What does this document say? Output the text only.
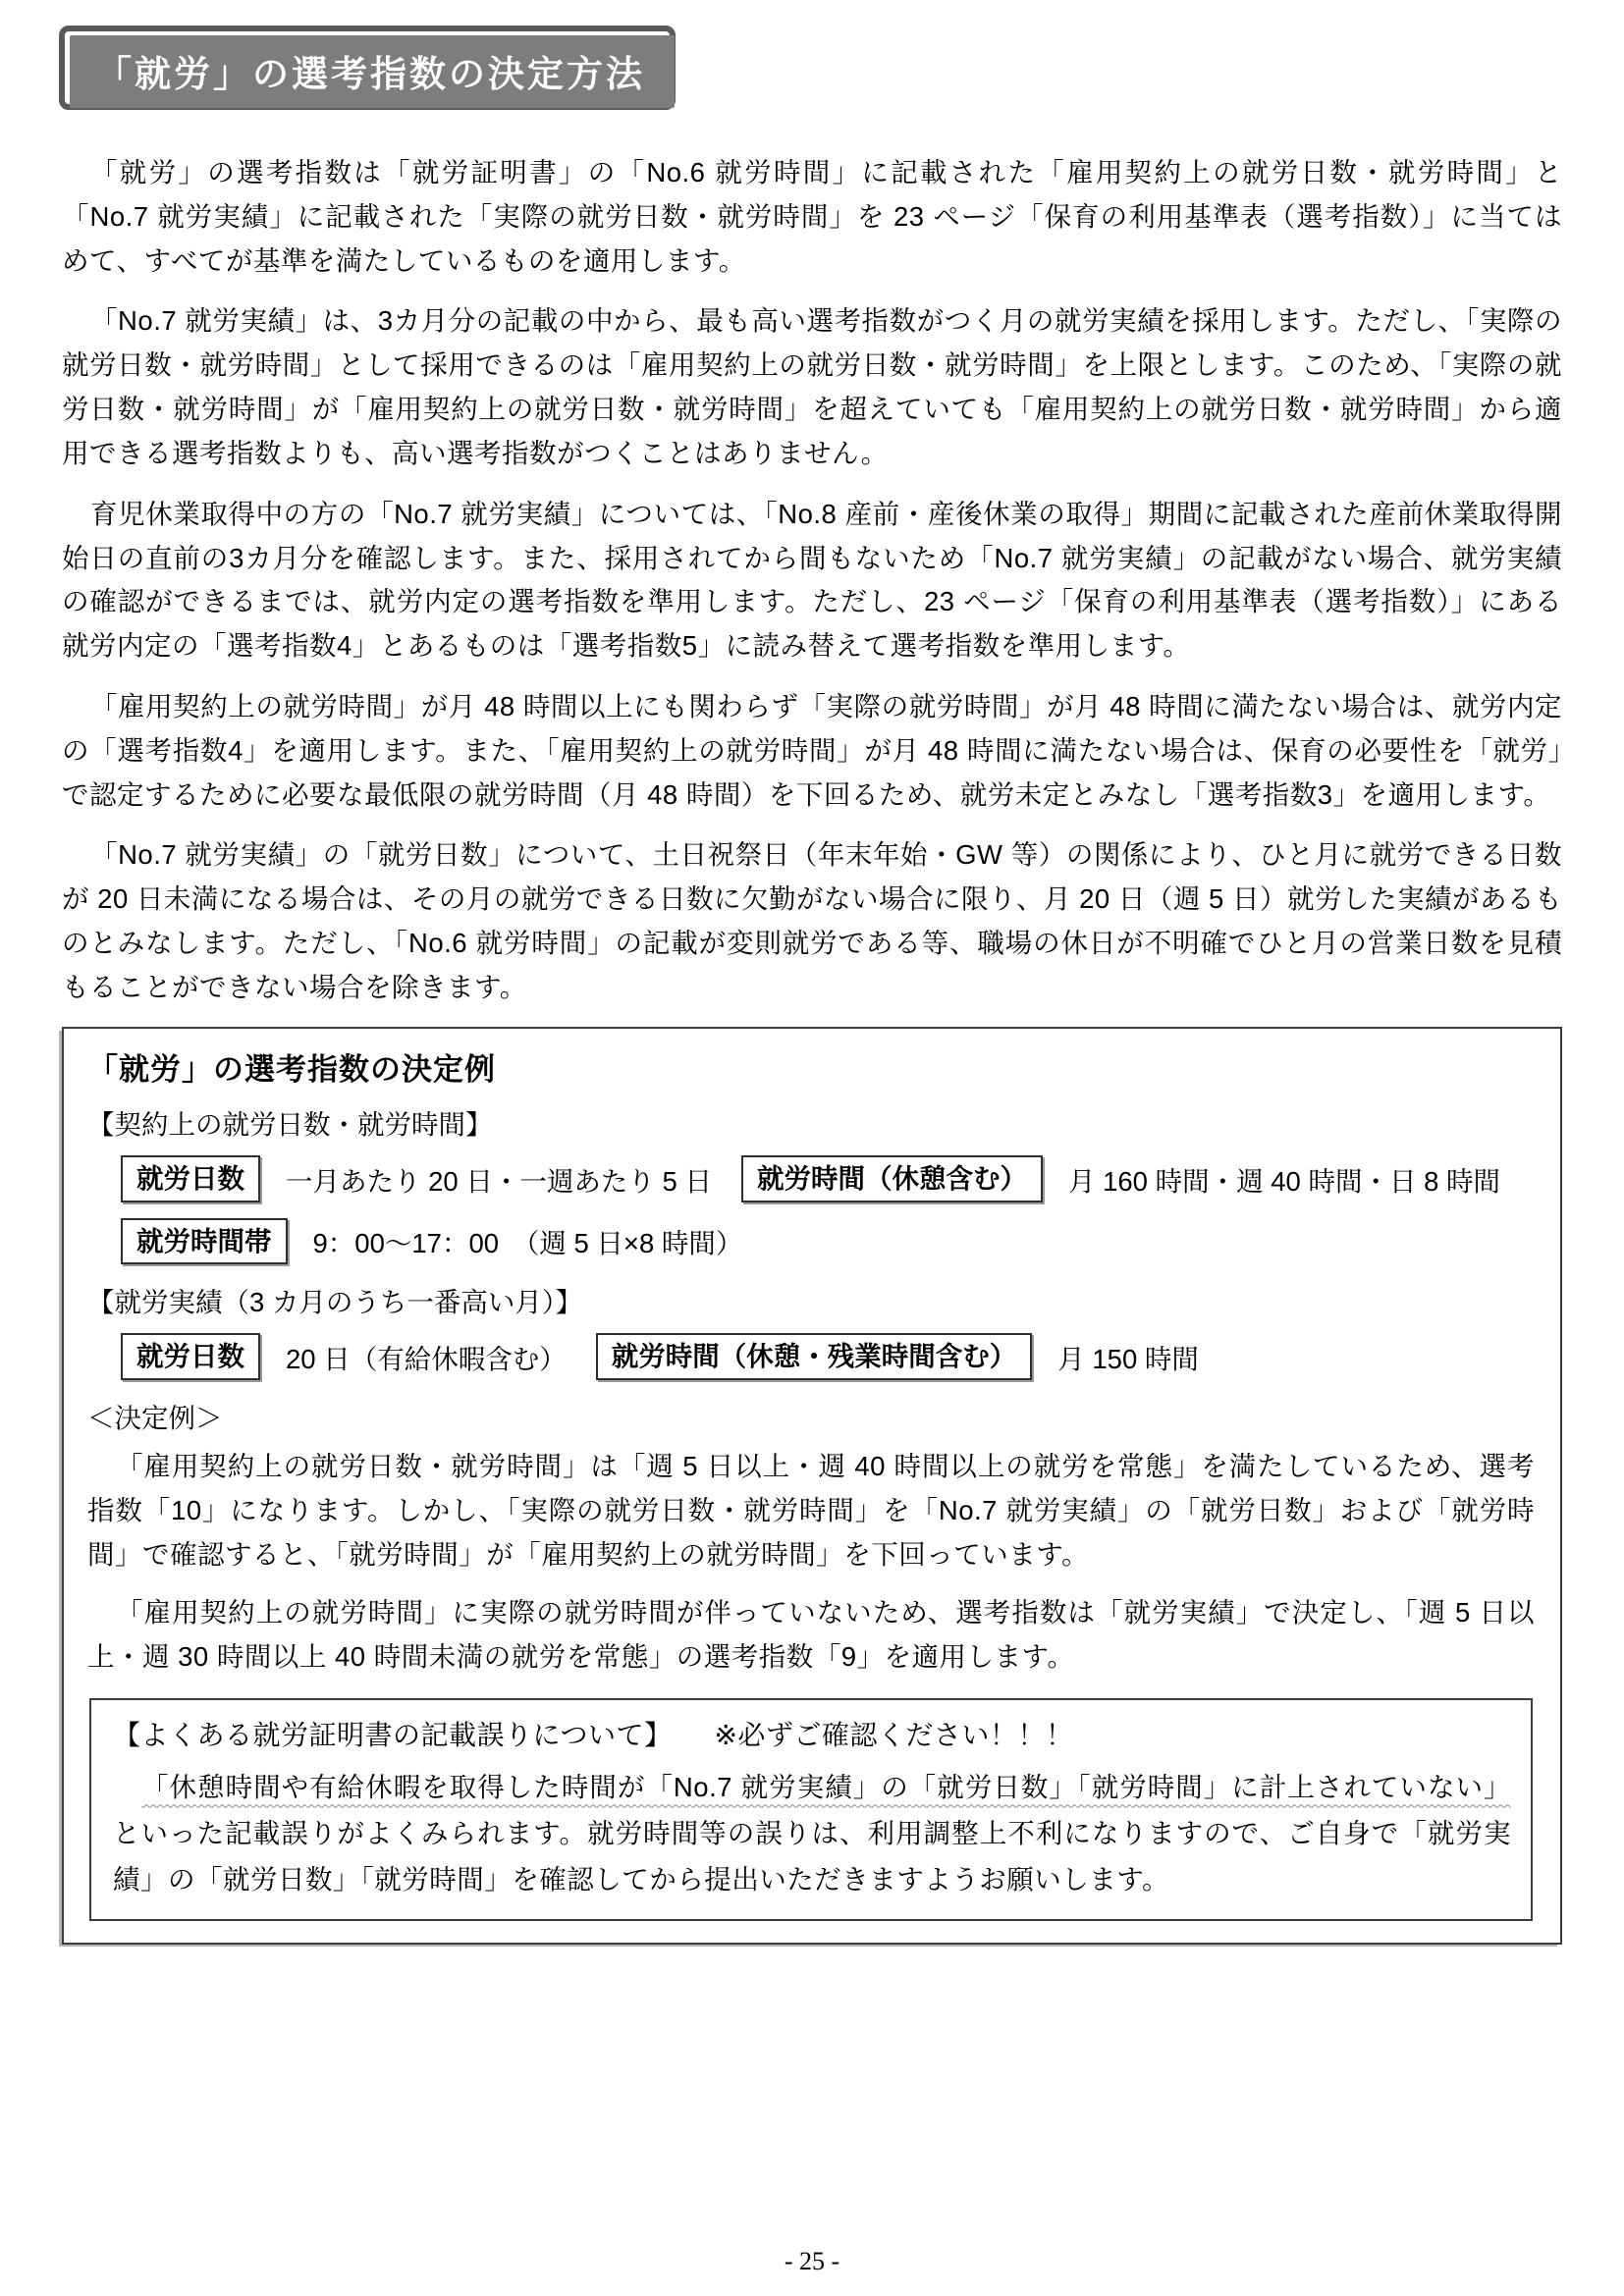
「就労」の選考指数の決定方法

「就労」の選考指数は「就労証明書」の「No.6 就労時間」に記載された「雇用契約上の就労日数・就労時間」と「No.7 就労実績」に記載された「実際の就労日数・就労時間」を 23 ページ「保育の利用基準表（選考指数）」に当てはめて、すべてが基準を満たしているものを適用します。

「No.7 就労実績」は、3カ月分の記載の中から、最も高い選考指数がつく月の就労実績を採用します。ただし、「実際の就労日数・就労時間」として採用できるのは「雇用契約上の就労日数・就労時間」を上限とします。このため、「実際の就労日数・就労時間」が「雇用契約上の就労日数・就労時間」を超えていても「雇用契約上の就労日数・就労時間」から適用できる選考指数よりも、高い選考指数がつくことはありません。

育児休業取得中の方の「No.7 就労実績」については、「No.8 産前・産後休業の取得」期間に記載された産前休業取得開始日の直前の3カ月分を確認します。また、採用されてから間もないため「No.7 就労実績」の記載がない場合、就労実績の確認ができるまでは、就労内定の選考指数を準用します。ただし、23 ページ「保育の利用基準表（選考指数）」にある就労内定の「選考指数4」とあるものは「選考指数5」に読み替えて選考指数を準用します。

「雇用契約上の就労時間」が月 48 時間以上にも関わらず「実際の就労時間」が月 48 時間に満たない場合は、就労内定の「選考指数4」を適用します。また、「雇用契約上の就労時間」が月 48 時間に満たない場合は、保育の必要性を「就労」で認定するために必要な最低限の就労時間（月 48 時間）を下回るため、就労未定とみなし「選考指数3」を適用します。

「No.7 就労実績」の「就労日数」について、土日祝祭日（年末年始・GW 等）の関係により、ひと月に就労できる日数が 20 日未満になる場合は、その月の就労できる日数に欠勤がない場合に限り、月 20 日（週 5 日）就労した実績があるものとみなします。ただし、「No.6 就労時間」の記載が変則就労である等、職場の休日が不明確でひと月の営業日数を見積もることができない場合を除きます。

「就労」の選考指数の決定例
【契約上の就労日数・就労時間】
就労日数	一月あたり 20 日・一週あたり 5 日	就労時間（休憩含む）	月 160 時間・週 40 時間・日 8 時間
就労時間帯	9：00～17：00　（週 5 日×8 時間）
【就労実績（3 カ月のうち一番高い月）】
就労日数	20 日（有給休暇含む）	就労時間（休憩・残業時間含む）	月 150 時間
＜決定例＞

「雇用契約上の就労日数・就労時間」は「週 5 日以上・週 40 時間以上の就労を常態」を満たしているため、選考指数「10」になります。しかし、「実際の就労日数・就労時間」を「No.7 就労実績」の「就労日数」および「就労時間」で確認すると、「就労時間」が「雇用契約上の就労時間」を下回っています。

「雇用契約上の就労時間」に実際の就労時間が伴っていないため、選考指数は「就労実績」で決定し、「週 5 日以上・週 30 時間以上 40 時間未満の就労を常態」の選考指数「9」を適用します。

【よくある就労証明書の記載誤りについて】　　※必ずご確認ください！！！

「休憩時間や有給休暇を取得した時間が「No.7 就労実績」の「就労日数」「就労時間」に計上されていない」といった記載誤りがよくみられます。就労時間等の誤りは、利用調整上不利になりますので、ご自身で「就労実績」の「就労日数」「就労時間」を確認してから提出いただきますようお願いします。

- 25 -
